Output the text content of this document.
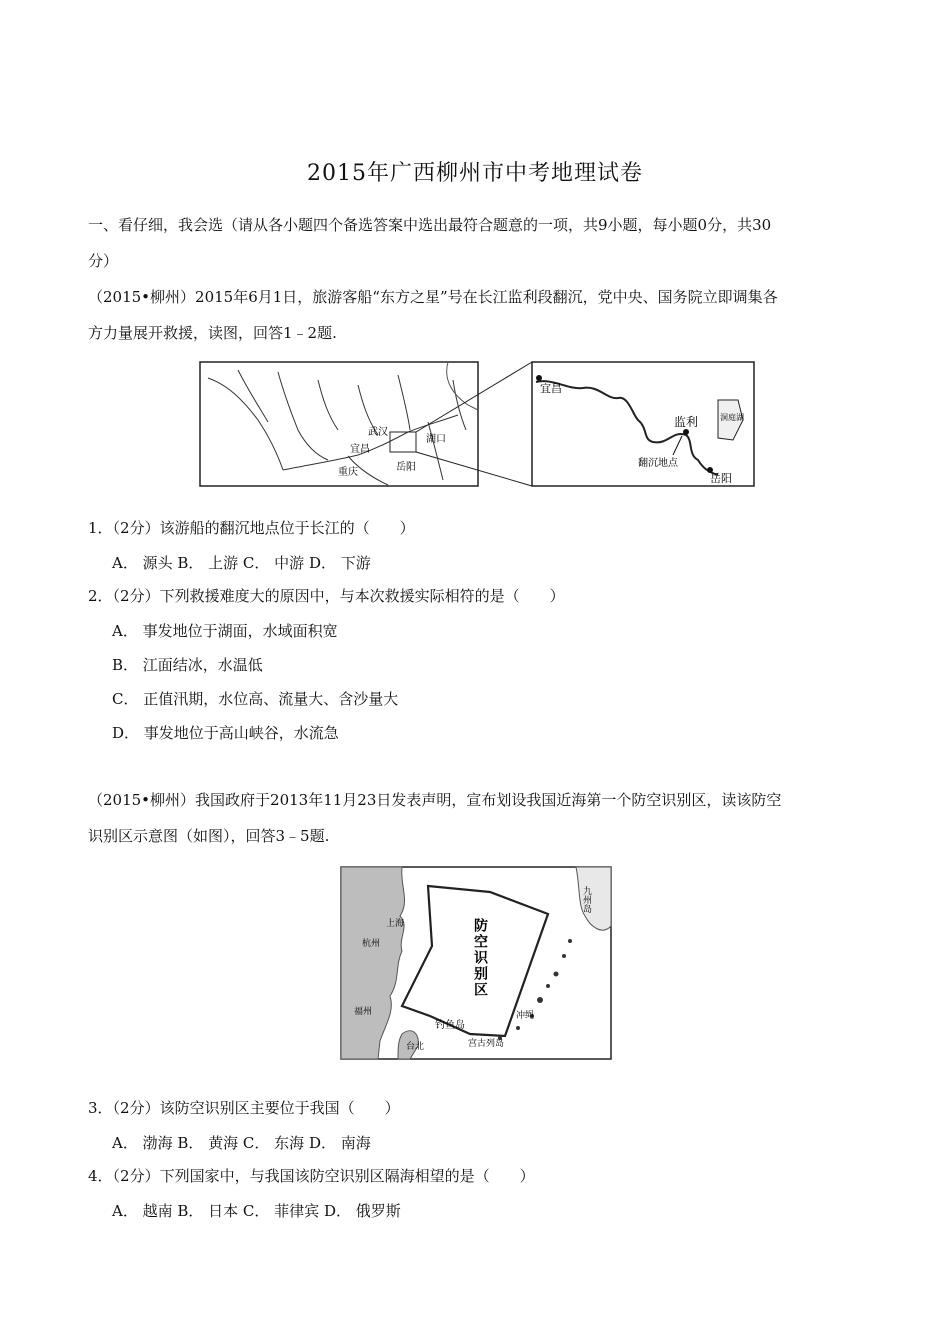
2015年广西柳州市中考地理试卷
一、看仔细，我会选（请从各小题四个备选答案中选出最符合题意的一项，共9小题，每小题0分，共30
分）
（2015•柳州）2015年6月1日，旅游客船“东方之星”号在长江监利段翻沉，党中央、国务院立即调集各
方力量展开救援，读图，回答1﹣2题.
武汉
宜昌
湖口
重庆	岳阳
宜昌
监利
翻沉地点
岳阳
洞庭湖
1．（2分）该游船的翻沉地点位于长江的（　　）
A． 源头 B． 上游 C． 中游 D． 下游
2．（2分）下列救援难度大的原因中，与本次救援实际相符的是（　　）
A． 事发地位于湖面，水域面积宽
B． 江面结冰，水温低
C． 正值汛期，水位高、流量大、含沙量大
D． 事发地位于高山峡谷，水流急
（2015•柳州）我国政府于2013年11月23日发表声明，宣布划设我国近海第一个防空识别区，读该防空
识别区示意图（如图），回答3﹣5题.
上海
杭州
福州
台北
钓鱼岛
宫古列岛
冲绳
九州岛
防空识别区
3．（2分）该防空识别区主要位于我国（　　）
A． 渤海 B． 黄海 C． 东海 D． 南海
4．（2分）下列国家中，与我国该防空识别区隔海相望的是（　　）
A． 越南 B． 日本 C． 菲律宾 D． 俄罗斯
